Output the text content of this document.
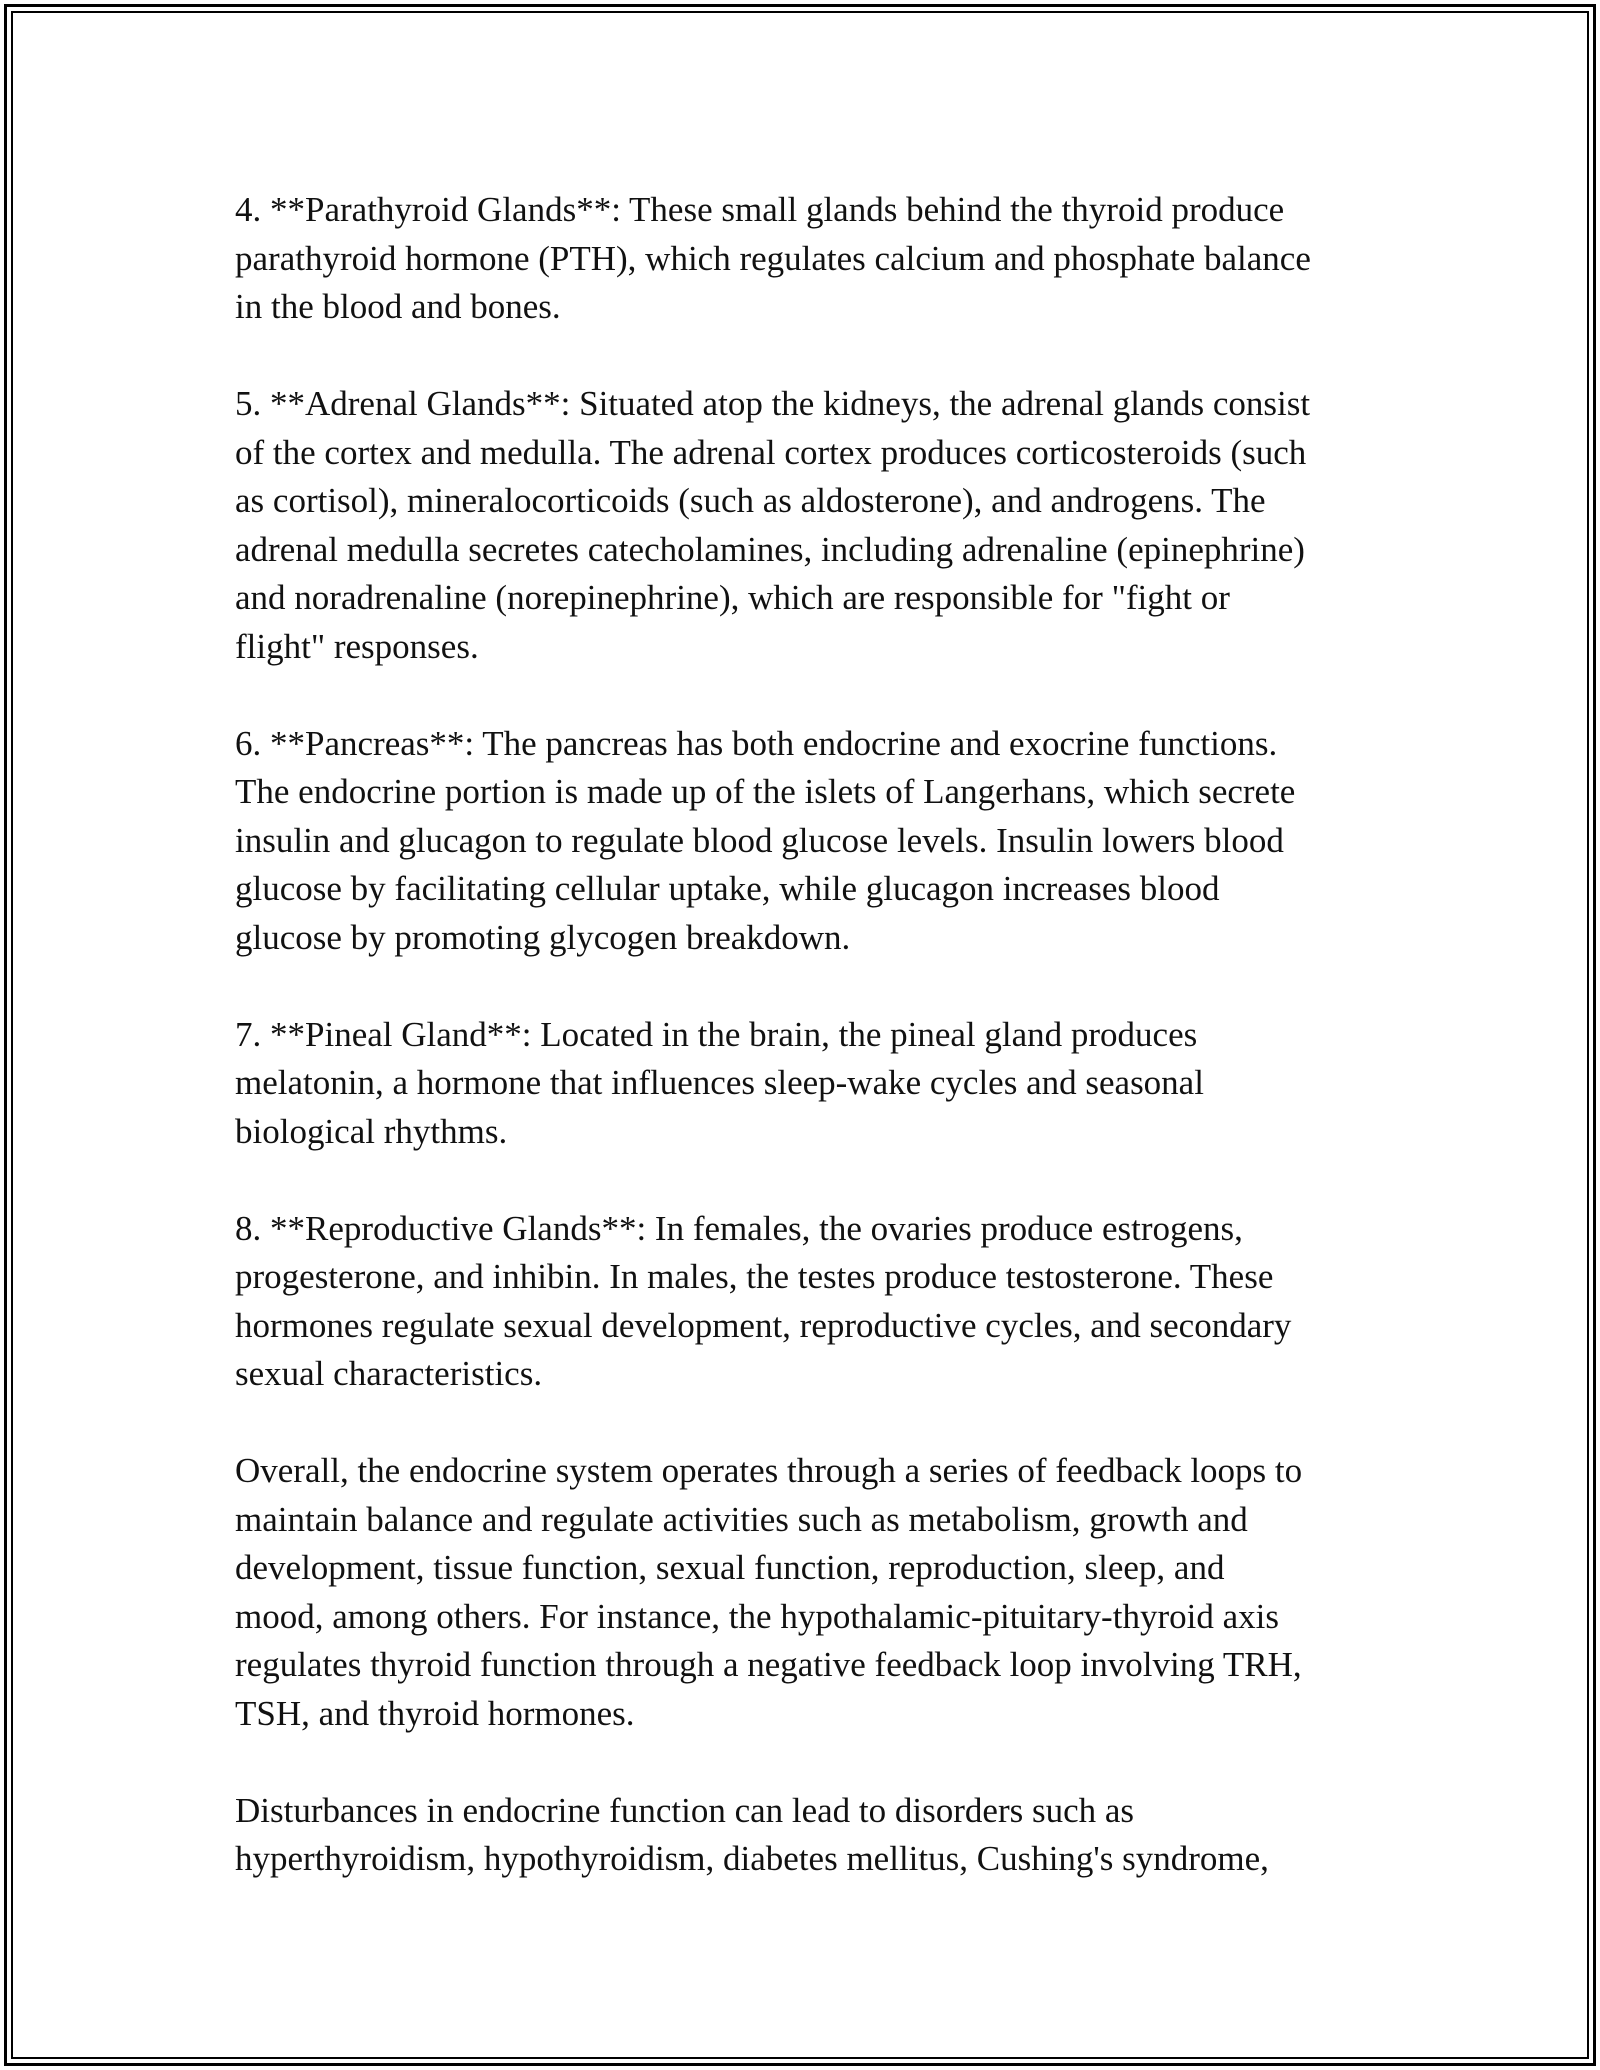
4. **Parathyroid Glands**: These small glands behind the thyroid produce
parathyroid hormone (PTH), which regulates calcium and phosphate balance
in the blood and bones.

5. **Adrenal Glands**: Situated atop the kidneys, the adrenal glands consist
of the cortex and medulla. The adrenal cortex produces corticosteroids (such
as cortisol), mineralocorticoids (such as aldosterone), and androgens. The
adrenal medulla secretes catecholamines, including adrenaline (epinephrine)
and noradrenaline (norepinephrine), which are responsible for "fight or
flight" responses.

6. **Pancreas**: The pancreas has both endocrine and exocrine functions.
The endocrine portion is made up of the islets of Langerhans, which secrete
insulin and glucagon to regulate blood glucose levels. Insulin lowers blood
glucose by facilitating cellular uptake, while glucagon increases blood
glucose by promoting glycogen breakdown.

7. **Pineal Gland**: Located in the brain, the pineal gland produces
melatonin, a hormone that influences sleep-wake cycles and seasonal
biological rhythms.

8. **Reproductive Glands**: In females, the ovaries produce estrogens,
progesterone, and inhibin. In males, the testes produce testosterone. These
hormones regulate sexual development, reproductive cycles, and secondary
sexual characteristics.

Overall, the endocrine system operates through a series of feedback loops to
maintain balance and regulate activities such as metabolism, growth and
development, tissue function, sexual function, reproduction, sleep, and
mood, among others. For instance, the hypothalamic-pituitary-thyroid axis
regulates thyroid function through a negative feedback loop involving TRH,
TSH, and thyroid hormones.

Disturbances in endocrine function can lead to disorders such as
hyperthyroidism, hypothyroidism, diabetes mellitus, Cushing's syndrome,
